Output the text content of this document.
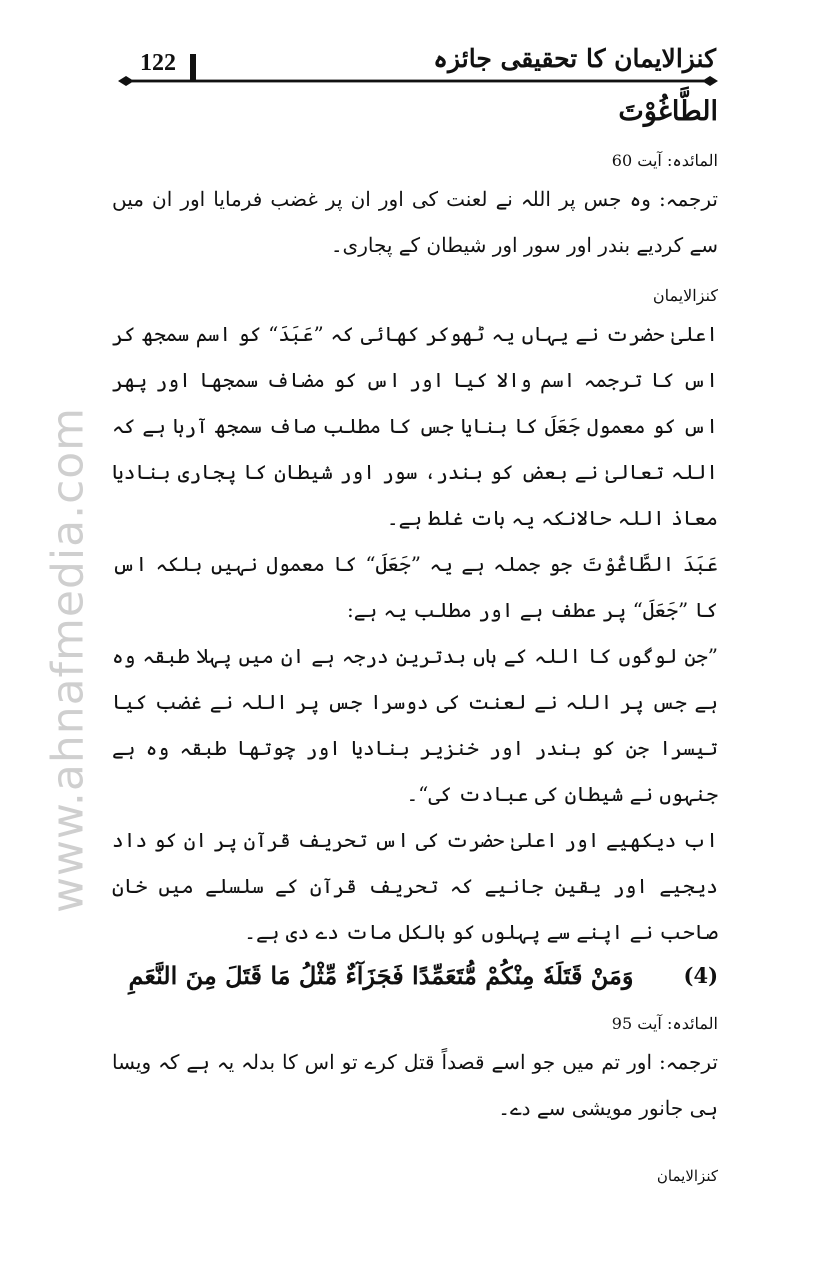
www.ahnafmedia.com
122	کنزالایمان کا تحقیقی جائزہ
الطَّاغُوْتَ
المائدہ: آیت 60

ترجمہ: وہ جس پر اللہ نے لعنت کی اور ان پر غضب فرمایا اور ان میں سے کردیے بندر اور سور اور شیطان کے پجاری۔

کنزالایمان

اعلیٰ حضرت نے یہاں یہ ٹھوکر کھائی کہ ”عَبَدَ“ کو اسم سمجھ کر اس کا ترجمہ اسم والا کیا اور اس کو مضاف سمجھا اور پھر اس کو معمول جَعَلَ کا بنایا جس کا مطلب صاف سمجھ آرہا ہے کہ اللہ تعالیٰ نے بعض کو بندر، سور اور شیطان کا پجاری بنادیا معاذ اللہ حالانکہ یہ بات غلط ہے۔

عَبَدَ الطَّاغُوْتَ جو جملہ ہے یہ ”جَعَلَ“ کا معمول نہیں بلکہ اس کا ”جَعَلَ“ پر عطف ہے اور مطلب یہ ہے:

”جن لوگوں کا اللہ کے ہاں بدترین درجہ ہے ان میں پہلا طبقہ وہ ہے جس پر اللہ نے لعنت کی دوسرا جس پر اللہ نے غضب کیا تیسرا جن کو بندر اور خنزیر بنادیا اور چوتھا طبقہ وہ ہے جنہوں نے شیطان کی عبادت کی“۔

اب دیکھیے اور اعلیٰ حضرت کی اس تحریف قرآن پر ان کو داد دیجیے اور یقین جانیے کہ تحریف قرآن کے سلسلے میں خان صاحب نے اپنے سے پہلوں کو بالکل مات دے دی ہے۔

(4)
وَمَنْ قَتَلَهٗ مِنْكُمْ مُّتَعَمِّدًا فَجَزَآءٌ مِّثْلُ مَا قَتَلَ مِنَ النَّعَمِ
المائدہ: آیت 95

ترجمہ: اور تم میں جو اسے قصداً قتل کرے تو اس کا بدلہ یہ ہے کہ ویسا ہی جانور مویشی سے دے۔

کنزالایمان
